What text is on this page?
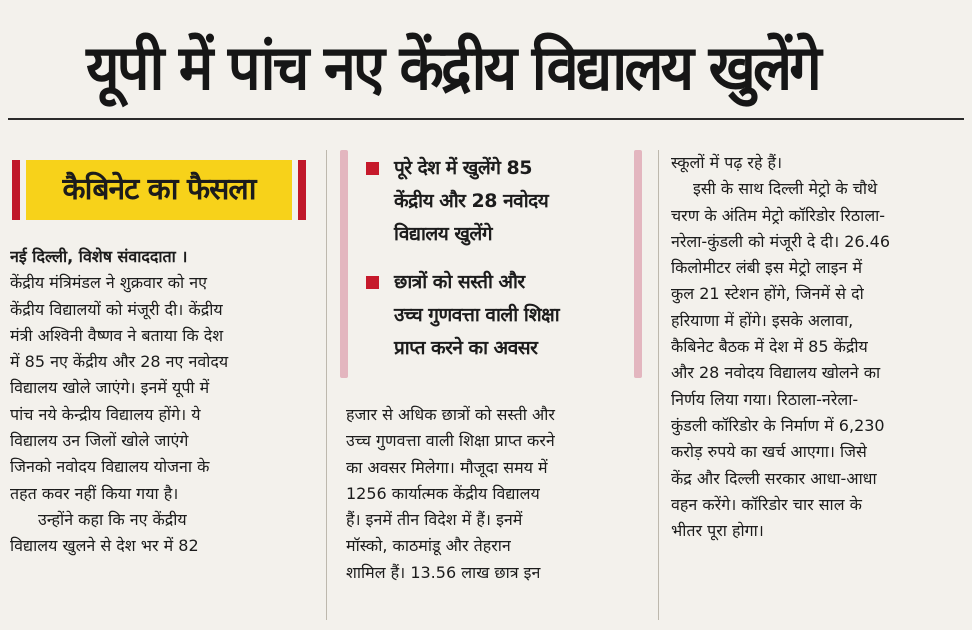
यूपी में पांच नए केंद्रीय विद्यालय खुलेंगे
कैबिनेट का फैसला
नई दिल्ली, विशेष संवाददाता ।
केंद्रीय मंत्रिमंडल ने शुक्रवार को नए
केंद्रीय विद्यालयों को मंजूरी दी। केंद्रीय
मंत्री अश्विनी वैष्णव ने बताया कि देश
में 85 नए केंद्रीय और 28 नए नवोदय
विद्यालय खोले जाएंगे। इनमें यूपी में
पांच नये केन्द्रीय विद्यालय होंगे। ये
विद्यालय उन जिलों खोले जाएंगे
जिनको नवोदय विद्यालय योजना के
तहत कवर नहीं किया गया है।
उन्होंने कहा कि नए केंद्रीय
विद्यालय खुलने से देश भर में 82
पूरे देश में खुलेंगे 85
केंद्रीय और 28 नवोदय
विद्यालय खुलेंगे
छात्रों को सस्ती और
उच्च गुणवत्ता वाली शिक्षा
प्राप्त करने का अवसर
हजार से अधिक छात्रों को सस्ती और
उच्च गुणवत्ता वाली शिक्षा प्राप्त करने
का अवसर मिलेगा। मौजूदा समय में
1256 कार्यात्मक केंद्रीय विद्यालय
हैं। इनमें तीन विदेश में हैं। इनमें
मॉस्को, काठमांडू और तेहरान
शामिल हैं। 13.56 लाख छात्र इन
स्कूलों में पढ़ रहे हैं।
इसी के साथ दिल्ली मेट्रो के चौथे
चरण के अंतिम मेट्रो कॉरिडोर रिठाला-
नरेला-कुंडली को मंजूरी दे दी। 26.46
किलोमीटर लंबी इस मेट्रो लाइन में
कुल 21 स्टेशन होंगे, जिनमें से दो
हरियाणा में होंगे। इसके अलावा,
कैबिनेट बैठक में देश में 85 केंद्रीय
और 28 नवोदय विद्यालय खोलने का
निर्णय लिया गया। रिठाला-नरेला-
कुंडली कॉरिडोर के निर्माण में 6,230
करोड़ रुपये का खर्च आएगा। जिसे
केंद्र और दिल्ली सरकार आधा-आधा
वहन करेंगे। कॉरिडोर चार साल के
भीतर पूरा होगा।
